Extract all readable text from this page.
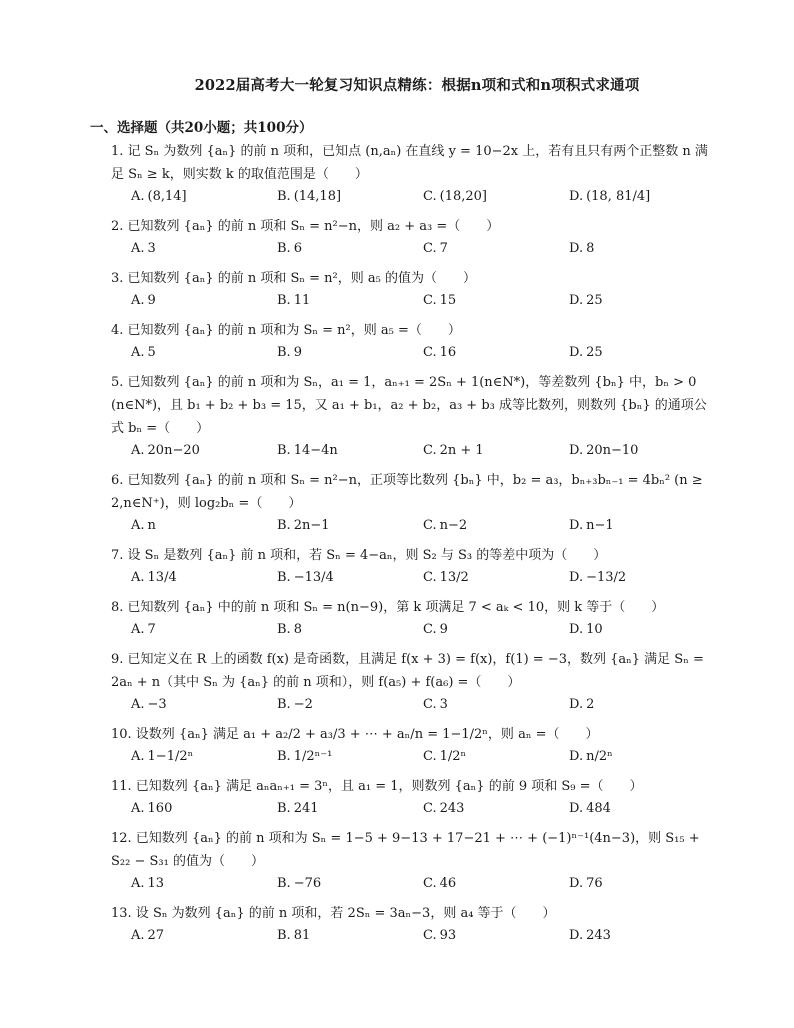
2022届高考大一轮复习知识点精练：根据n项和式和n项积式求通项
一、选择题（共20小题；共100分）
1. 记 Sₙ 为数列 {aₙ} 的前 n 项和，已知点 (n,aₙ) 在直线 y = 10−2x 上，若有且只有两个正整数 n 满足 Sₙ ≥ k，则实数 k 的取值范围是（　　）
A. (8,14]	B. (14,18]	C. (18,20]	D. (18, 81/4]
2. 已知数列 {aₙ} 的前 n 项和 Sₙ = n²−n，则 a₂ + a₃ =（　　）
A. 3	B. 6	C. 7	D. 8
3. 已知数列 {aₙ} 的前 n 项和 Sₙ = n²，则 a₅ 的值为（　　）
A. 9	B. 11	C. 15	D. 25
4. 已知数列 {aₙ} 的前 n 项和为 Sₙ = n²，则 a₅ =（　　）
A. 5	B. 9	C. 16	D. 25
5. 已知数列 {aₙ} 的前 n 项和为 Sₙ，a₁ = 1，aₙ₊₁ = 2Sₙ + 1(n∈N*)，等差数列 {bₙ} 中，bₙ > 0 (n∈N*)，且 b₁ + b₂ + b₃ = 15，又 a₁ + b₁，a₂ + b₂，a₃ + b₃ 成等比数列，则数列 {bₙ} 的通项公式 bₙ =（　　）
A. 20n−20	B. 14−4n	C. 2n + 1	D. 20n−10
6. 已知数列 {aₙ} 的前 n 项和 Sₙ = n²−n，正项等比数列 {bₙ} 中，b₂ = a₃，bₙ₊₃bₙ₋₁ = 4bₙ² (n ≥ 2,n∈N⁺)，则 log₂bₙ =（　　）
A. n	B. 2n−1	C. n−2	D. n−1
7. 设 Sₙ 是数列 {aₙ} 前 n 项和，若 Sₙ = 4−aₙ，则 S₂ 与 S₃ 的等差中项为（　　）
A. 13/4	B. −13/4	C. 13/2	D. −13/2
8. 已知数列 {aₙ} 中的前 n 项和 Sₙ = n(n−9)，第 k 项满足 7 < aₖ < 10，则 k 等于（　　）
A. 7	B. 8	C. 9	D. 10
9. 已知定义在 R 上的函数 f(x) 是奇函数，且满足 f(x + 3) = f(x)，f(1) = −3，数列 {aₙ} 满足 Sₙ = 2aₙ + n（其中 Sₙ 为 {aₙ} 的前 n 项和），则 f(a₅) + f(a₆) =（　　）
A. −3	B. −2	C. 3	D. 2
10. 设数列 {aₙ} 满足 a₁ + a₂/2 + a₃/3 + ⋯ + aₙ/n = 1−1/2ⁿ，则 aₙ =（　　）
A. 1−1/2ⁿ	B. 1/2ⁿ⁻¹	C. 1/2ⁿ	D. n/2ⁿ
11. 已知数列 {aₙ} 满足 aₙaₙ₊₁ = 3ⁿ，且 a₁ = 1，则数列 {aₙ} 的前 9 项和 S₉ =（　　）
A. 160	B. 241	C. 243	D. 484
12. 已知数列 {aₙ} 的前 n 项和为 Sₙ = 1−5 + 9−13 + 17−21 + ⋯ + (−1)ⁿ⁻¹(4n−3)，则 S₁₅ + S₂₂ − S₃₁ 的值为（　　）
A. 13	B. −76	C. 46	D. 76
13. 设 Sₙ 为数列 {aₙ} 的前 n 项和，若 2Sₙ = 3aₙ−3，则 a₄ 等于（　　）
A. 27	B. 81	C. 93	D. 243
